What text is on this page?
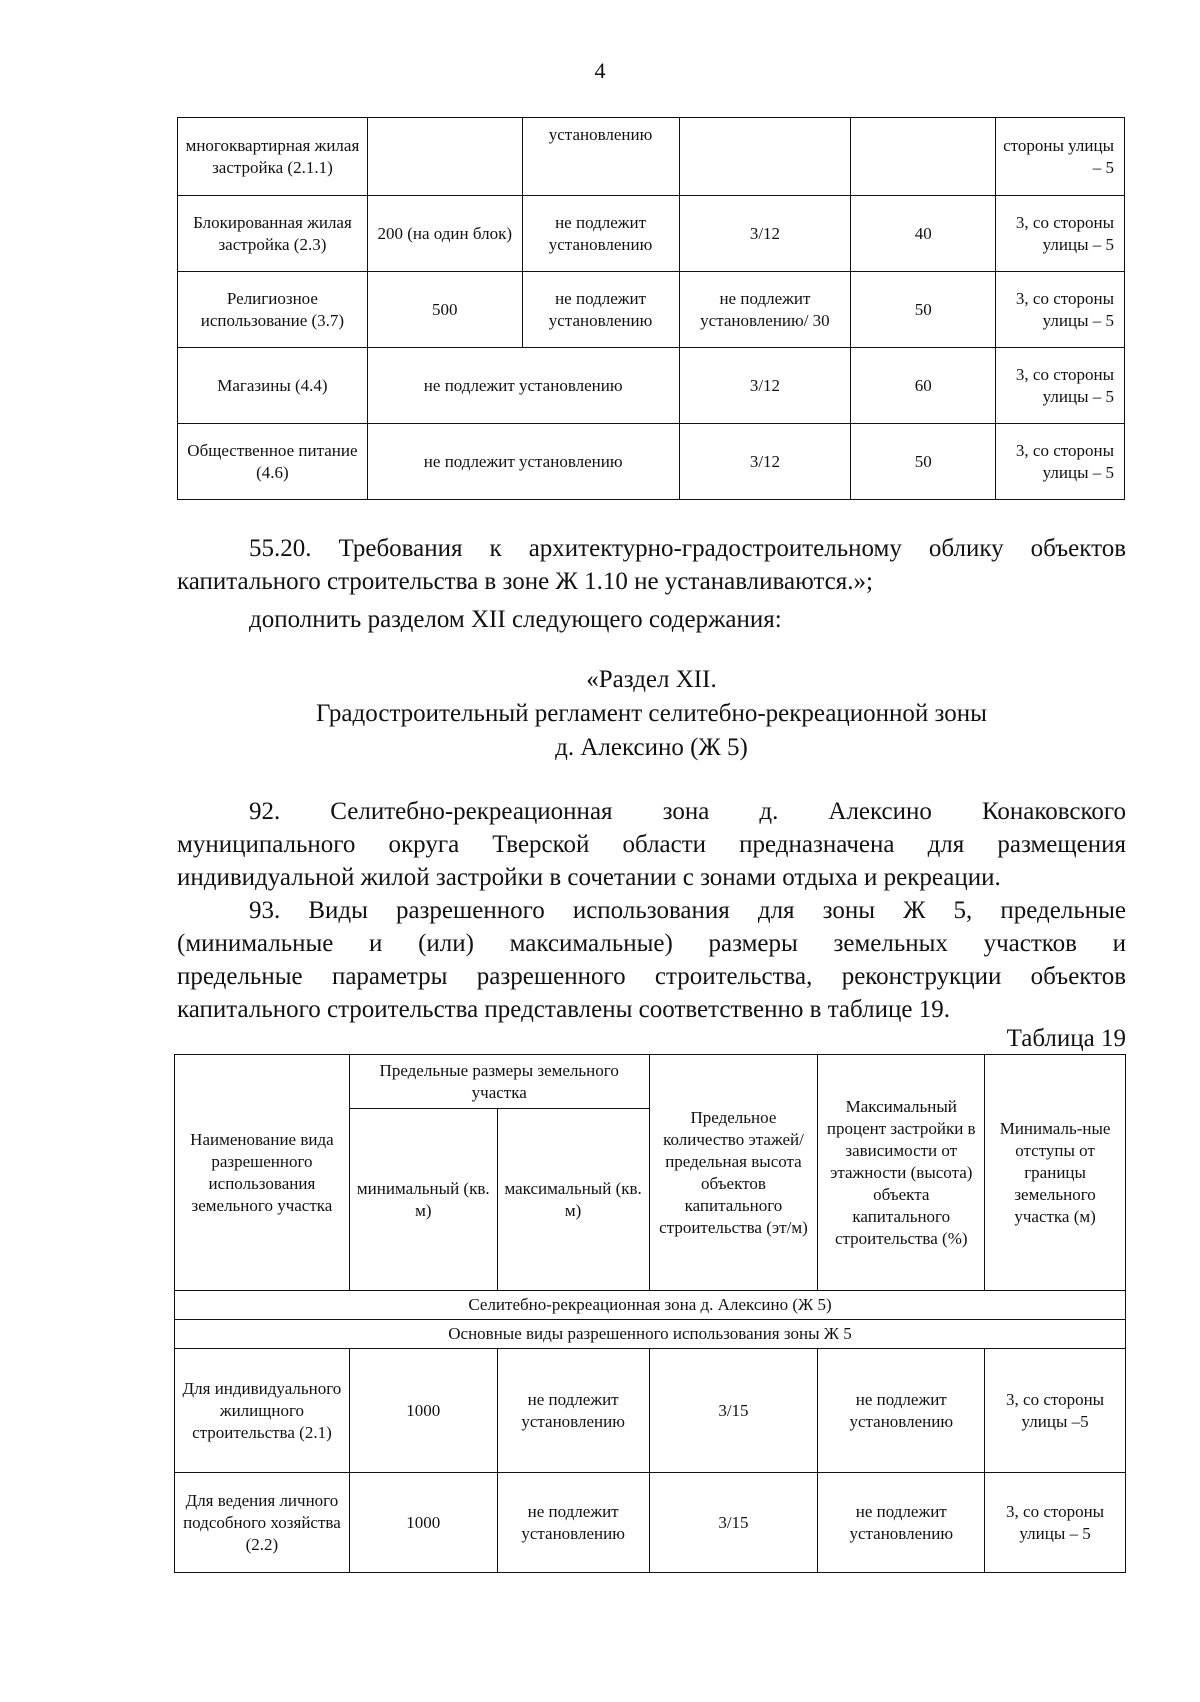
4
многоквартирная жилая застройка (2.1.1)		установлению			стороны улицы – 5
Блокированная жилая застройка (2.3)	200 (на один блок)	не подлежит установлению	3/12	40	3, со стороны улицы – 5
Религиозное использование (3.7)	500	не подлежит установлению	не подлежит установлению/ 30	50	3, со стороны улицы – 5
Магазины (4.4)	не подлежит установлению		3/12	60	3, со стороны улицы – 5
Общественное питание (4.6)	не подлежит установлению		3/12	50	3, со стороны улицы – 5

55.20. Требования к архитектурно-градостроительному облику объектов

капитального строительства в зоне Ж 1.10 не устанавливаются.»;

дополнить разделом XII следующего содержания:

«Раздел XII.

Градостроительный регламент селитебно-рекреационной зоны

д. Алексино (Ж 5)

92. Селитебно-рекреационная зона д. Алексино Конаковского

муниципального округа Тверской области предназначена для размещения

индивидуальной жилой застройки в сочетании с зонами отдыха и рекреации.

93. Виды разрешенного использования для зоны Ж 5, предельные

(минимальные и (или) максимальные) размеры земельных участков и

предельные параметры разрешенного строительства, реконструкции объектов

капитального строительства представлены соответственно в таблице 19.

Таблица 19

Наименование вида разрешенного использования земельного участка	Предельные размеры земельного участка		Предельное количество этажей/ предельная высота объектов капитального строительства (эт/м)	Максимальный процент застройки в зависимости от этажности (высота) объекта капитального строительства (%)	Минималь-ные отступы от границы земельного участка (м)
	минимальный (кв. м)	максимальный (кв. м)			
Селитебно-рекреационная зона д. Алексино (Ж 5)					
Основные виды разрешенного использования зоны Ж 5					
Для индивидуального жилищного строительства (2.1)	1000	не подлежит установлению	3/15	не подлежит установлению	3, со стороны улицы –5
Для ведения личного подсобного хозяйства (2.2)	1000	не подлежит установлению	3/15	не подлежит установлению	3, со стороны улицы – 5
